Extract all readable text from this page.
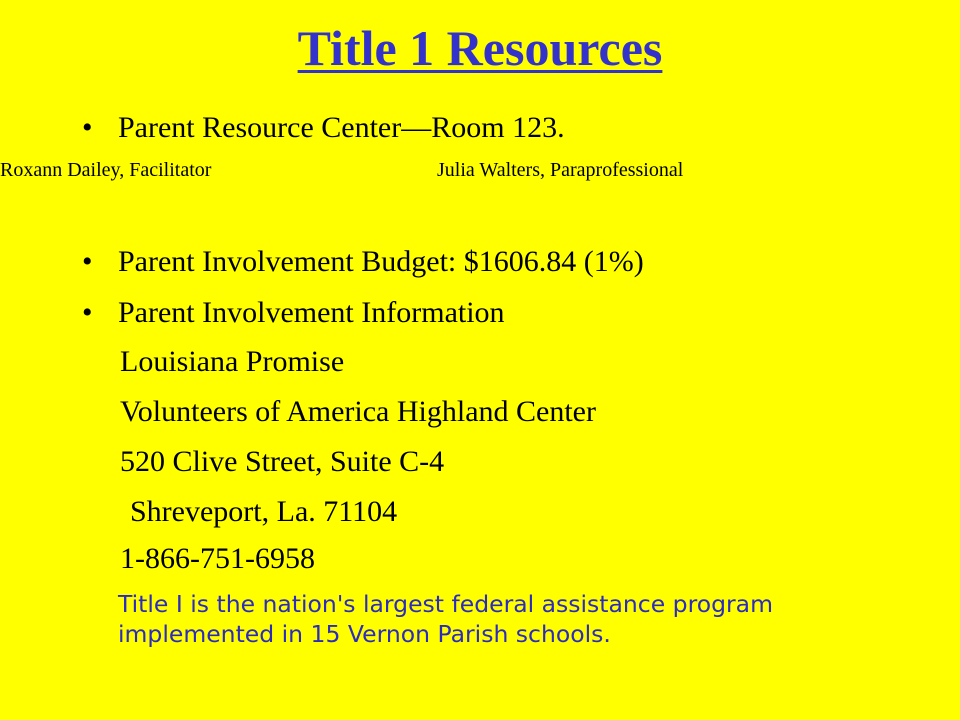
Title 1 Resources
• Parent Resource Center—Room 123.
Roxann Dailey, Facilitator	Julia Walters, Paraprofessional
• Parent Involvement Budget: $1606.84 (1%)
• Parent Involvement Information
Louisiana Promise
Volunteers of America Highland Center
520 Clive Street, Suite C-4
Shreveport, La. 71104
1-866-751-6958
Title I is the nation's largest federal assistance program implemented in 15 Vernon Parish schools.
